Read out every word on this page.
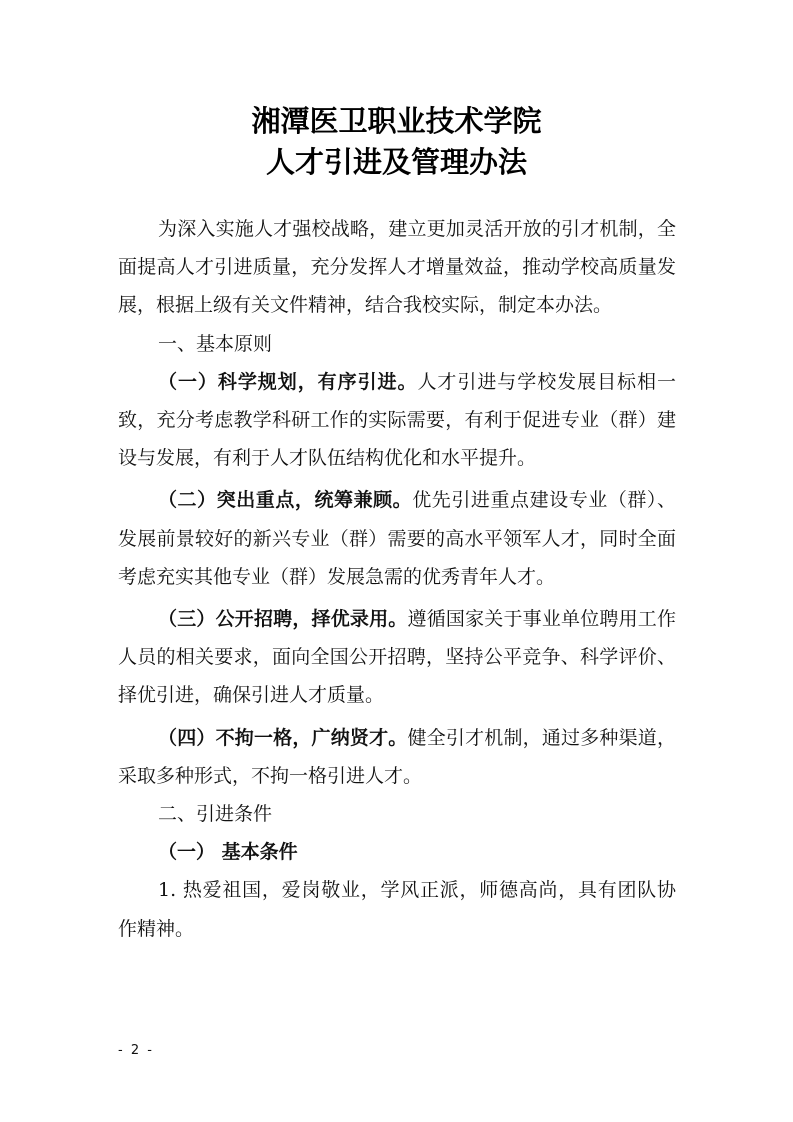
湘潭医卫职业技术学院
人才引进及管理办法

为深入实施人才强校战略，建立更加灵活开放的引才机制，全面提高人才引进质量，充分发挥人才增量效益，推动学校高质量发展，根据上级有关文件精神，结合我校实际，制定本办法。

一、基本原则

（一）科学规划，有序引进。人才引进与学校发展目标相一致，充分考虑教学科研工作的实际需要，有利于促进专业（群）建设与发展，有利于人才队伍结构优化和水平提升。

（二）突出重点，统筹兼顾。优先引进重点建设专业（群）、发展前景较好的新兴专业（群）需要的高水平领军人才，同时全面考虑充实其他专业（群）发展急需的优秀青年人才。

（三）公开招聘，择优录用。遵循国家关于事业单位聘用工作人员的相关要求，面向全国公开招聘，坚持公平竞争、科学评价、择优引进，确保引进人才质量。

（四）不拘一格，广纳贤才。健全引才机制，通过多种渠道，采取多种形式，不拘一格引进人才。

二、引进条件

（一） 基本条件

1. 热爱祖国，爱岗敬业，学风正派，师德高尚，具有团队协作精神。

- 2 -
